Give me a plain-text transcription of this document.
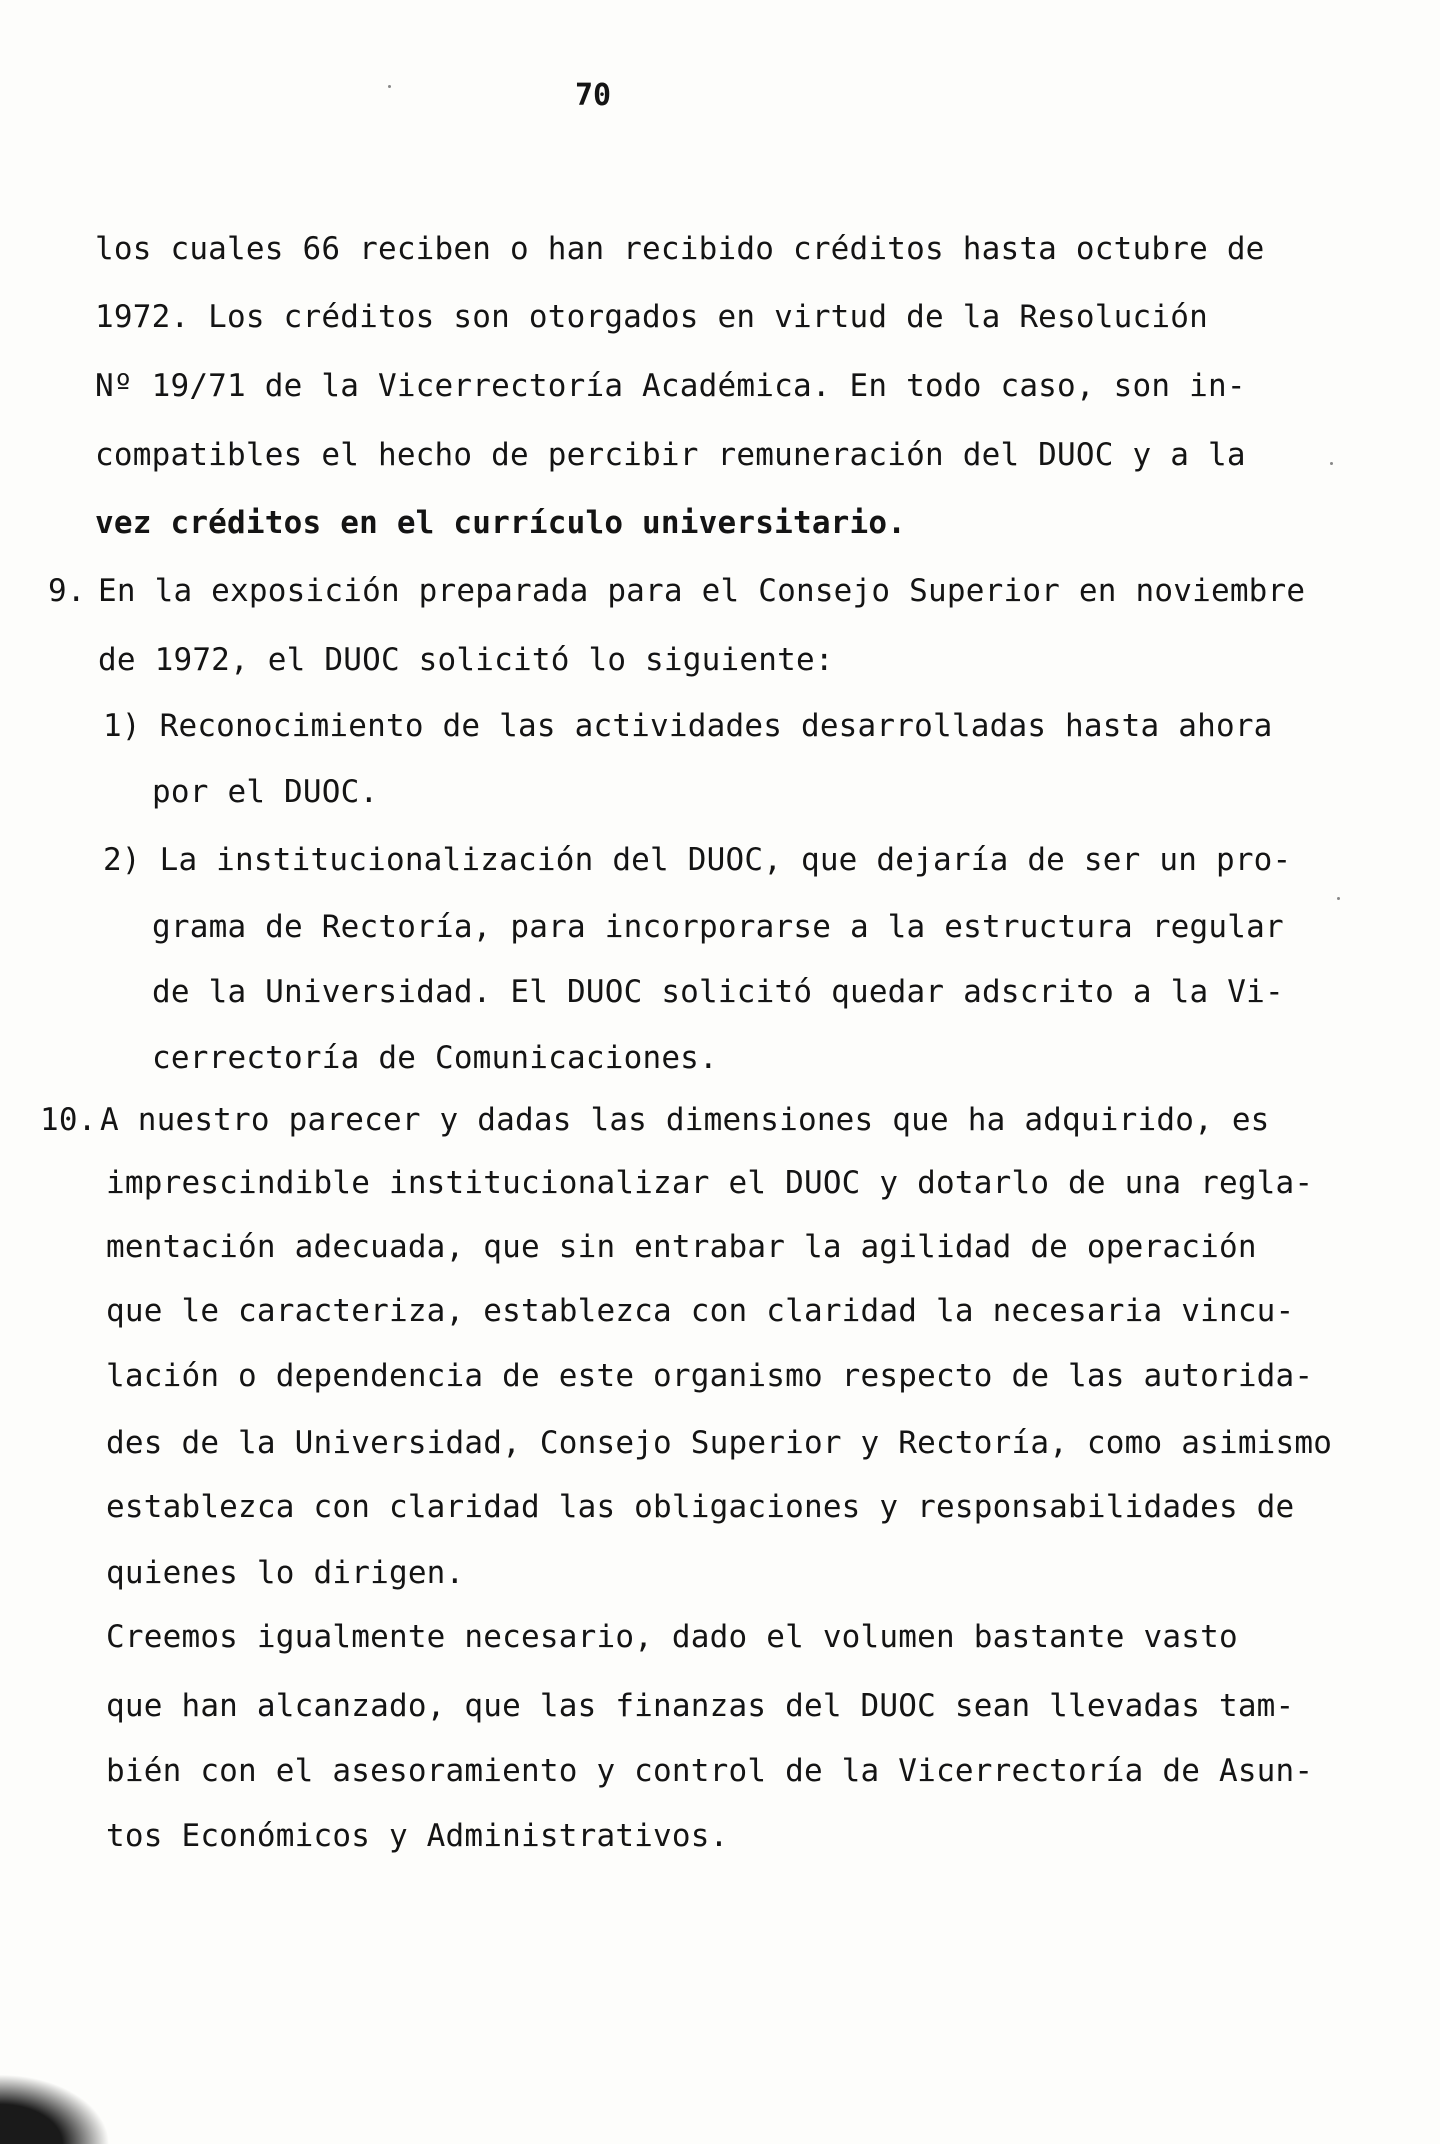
70
los cuales 66 reciben o han recibido créditos hasta octubre de
1972. Los créditos son otorgados en virtud de la Resolución
Nº 19/71 de la Vicerrectoría Académica. En todo caso, son in-
compatibles el hecho de percibir remuneración del DUOC y a la
vez créditos en el currículo universitario.
9. En la exposición preparada para el Consejo Superior en noviembre
de 1972, el DUOC solicitó lo siguiente:
1) Reconocimiento de las actividades desarrolladas hasta ahora
por el DUOC.
2) La institucionalización del DUOC, que dejaría de ser un pro-
grama de Rectoría, para incorporarse a la estructura regular
de la Universidad. El DUOC solicitó quedar adscrito a la Vi-
cerrectoría de Comunicaciones.
10. A nuestro parecer y dadas las dimensiones que ha adquirido, es
imprescindible institucionalizar el DUOC y dotarlo de una regla-
mentación adecuada, que sin entrabar la agilidad de operación
que le caracteriza, establezca con claridad la necesaria vincu-
lación o dependencia de este organismo respecto de las autorida-
des de la Universidad, Consejo Superior y Rectoría, como asimismo
establezca con claridad las obligaciones y responsabilidades de
quienes lo dirigen.
Creemos igualmente necesario, dado el volumen bastante vasto
que han alcanzado, que las finanzas del DUOC sean llevadas tam-
bién con el asesoramiento y control de la Vicerrectoría de Asun-
tos Económicos y Administrativos.
